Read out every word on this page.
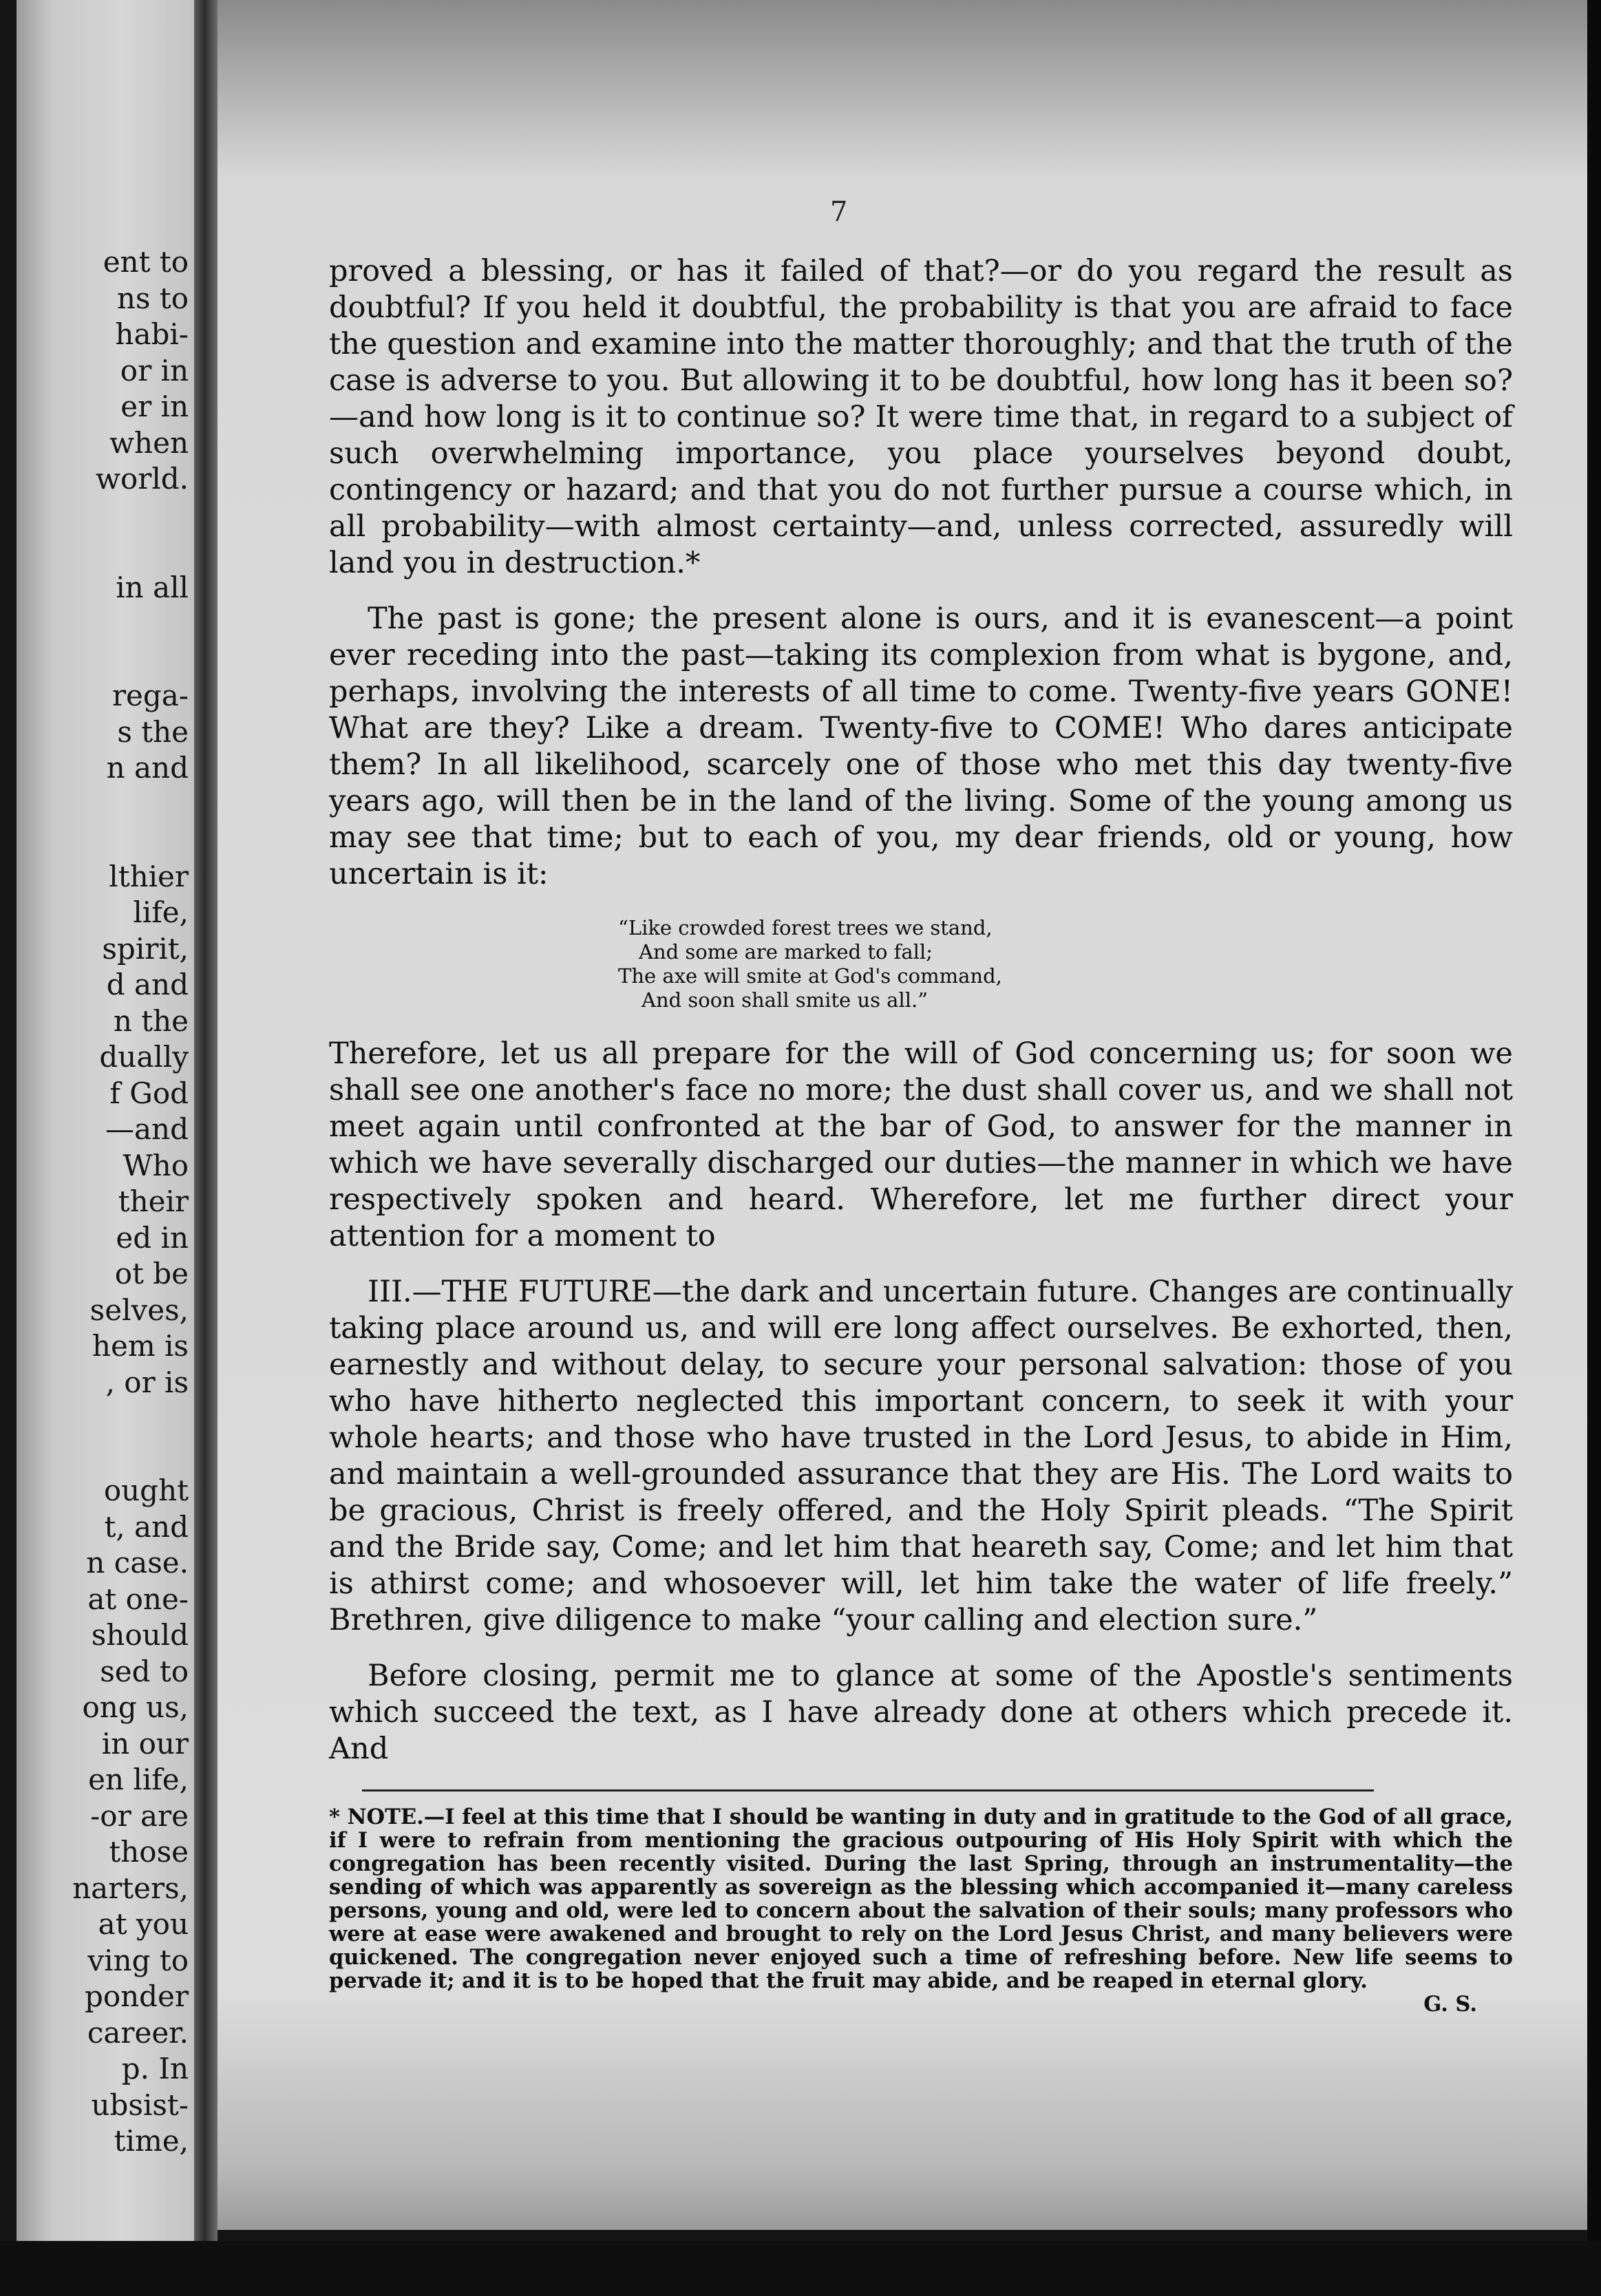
ent to
ns to
habi-
or in
er in
when
world.

in all

rega-
s the
n and

lthier
life,
spirit,
d and
n the
dually
f God
—and
Who
their
ed in
ot be
selves,
hem is
, or is

ought
t, and
n case.
at one-
should
sed to
ong us,
in our
en life,
-or are
those
narters,
at you
ving to
ponder
career.
p. In
ubsist-
time,
7

proved a blessing, or has it failed of that?—or do you regard the result as doubtful? If you held it doubtful, the probability is that you are afraid to face the question and examine into the matter thoroughly; and that the truth of the case is adverse to you. But allowing it to be doubtful, how long has it been so?—and how long is it to continue so? It were time that, in regard to a subject of such overwhelming importance, you place yourselves beyond doubt, contingency or hazard; and that you do not further pursue a course which, in all probability—with almost certainty—and, unless corrected, assuredly will land you in destruction.*

The past is gone; the present alone is ours, and it is evanescent—a point ever receding into the past—taking its complexion from what is bygone, and, perhaps, involving the interests of all time to come. Twenty-five years GONE! What are they? Like a dream. Twenty-five to COME! Who dares anticipate them? In all likelihood, scarcely one of those who met this day twenty-five years ago, will then be in the land of the living. Some of the young among us may see that time; but to each of you, my dear friends, old or young, how uncertain is it:

“Like crowded forest trees we stand,
And some are marked to fall;
The axe will smite at God's command,
And soon shall smite us all.”

Therefore, let us all prepare for the will of God concerning us; for soon we shall see one another's face no more; the dust shall cover us, and we shall not meet again until confronted at the bar of God, to answer for the manner in which we have severally discharged our duties—the manner in which we have respectively spoken and heard. Wherefore, let me further direct your attention for a moment to

III.—THE FUTURE—the dark and uncertain future. Changes are continually taking place around us, and will ere long affect ourselves. Be exhorted, then, earnestly and without delay, to secure your personal salvation: those of you who have hitherto neglected this important concern, to seek it with your whole hearts; and those who have trusted in the Lord Jesus, to abide in Him, and maintain a well-grounded assurance that they are His. The Lord waits to be gracious, Christ is freely offered, and the Holy Spirit pleads. “The Spirit and the Bride say, Come; and let him that heareth say, Come; and let him that is athirst come; and whosoever will, let him take the water of life freely.” Brethren, give diligence to make “your calling and election sure.”

Before closing, permit me to glance at some of the Apostle's sentiments which succeed the text, as I have already done at others which precede it. And

* NOTE.—I feel at this time that I should be wanting in duty and in gratitude to the God of all grace, if I were to refrain from mentioning the gracious outpouring of His Holy Spirit with which the congregation has been recently visited. During the last Spring, through an instrumentality—the sending of which was apparently as sovereign as the blessing which accompanied it—many careless persons, young and old, were led to concern about the salvation of their souls; many professors who were at ease were awakened and brought to rely on the Lord Jesus Christ, and many believers were quickened. The congregation never enjoyed such a time of refreshing before. New life seems to pervade it; and it is to be hoped that the fruit may abide, and be reaped in eternal glory.
G. S.
